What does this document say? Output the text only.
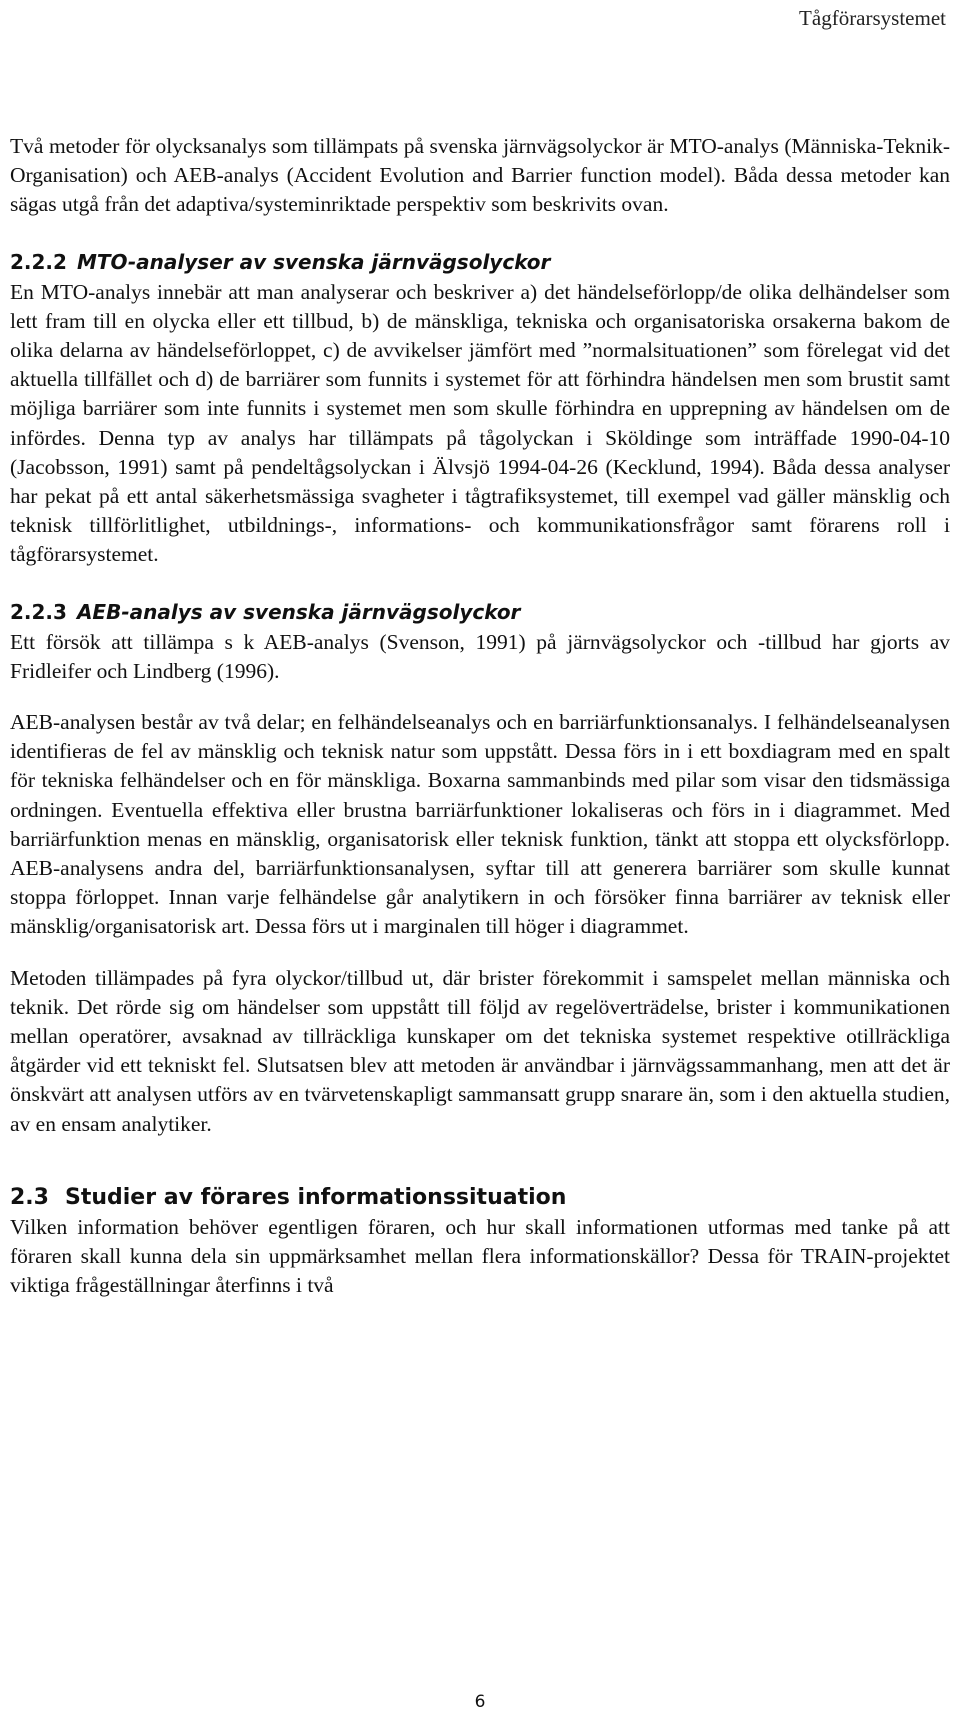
Tågförarsystemet

Två metoder för olycksanalys som tillämpats på svenska järnvägsolyckor är MTO-analys (Människa-Teknik-Organisation) och AEB-analys (Accident Evolution and Barrier function model). Båda dessa metoder kan sägas utgå från det adaptiva/systeminriktade perspektiv som beskrivits ovan.

2.2.2 MTO-analyser av svenska järnvägsolyckor

En MTO-analys innebär att man analyserar och beskriver a) det händelseförlopp/de olika delhändelser som lett fram till en olycka eller ett tillbud, b) de mänskliga, tekniska och organisatoriska orsakerna bakom de olika delarna av händelseförloppet, c) de avvikelser jämfört med ”normalsituationen” som förelegat vid det aktuella tillfället och d) de barriärer som funnits i systemet för att förhindra händelsen men som brustit samt möjliga barriärer som inte funnits i systemet men som skulle förhindra en upprepning av händelsen om de infördes. Denna typ av analys har tillämpats på tågolyckan i Sköldinge som inträffade 1990-04-10 (Jacobsson, 1991) samt på pendeltågsolyckan i Älvsjö 1994-04-26 (Kecklund, 1994). Båda dessa analyser har pekat på ett antal säkerhetsmässiga svagheter i tågtrafiksystemet, till exempel vad gäller mänsklig och teknisk tillförlitlighet, utbildnings-, informations- och kommunikationsfrågor samt förarens roll i tågförarsystemet.

2.2.3 AEB-analys av svenska järnvägsolyckor

Ett försök att tillämpa s k AEB-analys (Svenson, 1991) på järnvägsolyckor och -tillbud har gjorts av Fridleifer och Lindberg (1996).

AEB-analysen består av två delar; en felhändelseanalys och en barriärfunktionsanalys. I felhändelseanalysen identifieras de fel av mänsklig och teknisk natur som uppstått. Dessa förs in i ett boxdiagram med en spalt för tekniska felhändelser och en för mänskliga. Boxarna sammanbinds med pilar som visar den tidsmässiga ordningen. Eventuella effektiva eller brustna barriärfunktioner lokaliseras och förs in i diagrammet. Med barriärfunktion menas en mänsklig, organisatorisk eller teknisk funktion, tänkt att stoppa ett olycksförlopp. AEB-analysens andra del, barriärfunktionsanalysen, syftar till att generera barriärer som skulle kunnat stoppa förloppet. Innan varje felhändelse går analytikern in och försöker finna barriärer av teknisk eller mänsklig/organisatorisk art. Dessa förs ut i marginalen till höger i diagrammet.

Metoden tillämpades på fyra olyckor/tillbud ut, där brister förekommit i samspelet mellan människa och teknik. Det rörde sig om händelser som uppstått till följd av regelöverträdelse, brister i kommunikationen mellan operatörer, avsaknad av tillräckliga kunskaper om det tekniska systemet respektive otillräckliga åtgärder vid ett tekniskt fel. Slutsatsen blev att metoden är användbar i järnvägssammanhang, men att det är önskvärt att analysen utförs av en tvärvetenskapligt sammansatt grupp snarare än, som i den aktuella studien, av en ensam analytiker.

2.3 Studier av förares informationssituation

Vilken information behöver egentligen föraren, och hur skall informationen utformas med tanke på att föraren skall kunna dela sin uppmärksamhet mellan flera informationskällor? Dessa för TRAIN-projektet viktiga frågeställningar återfinns i två

6
